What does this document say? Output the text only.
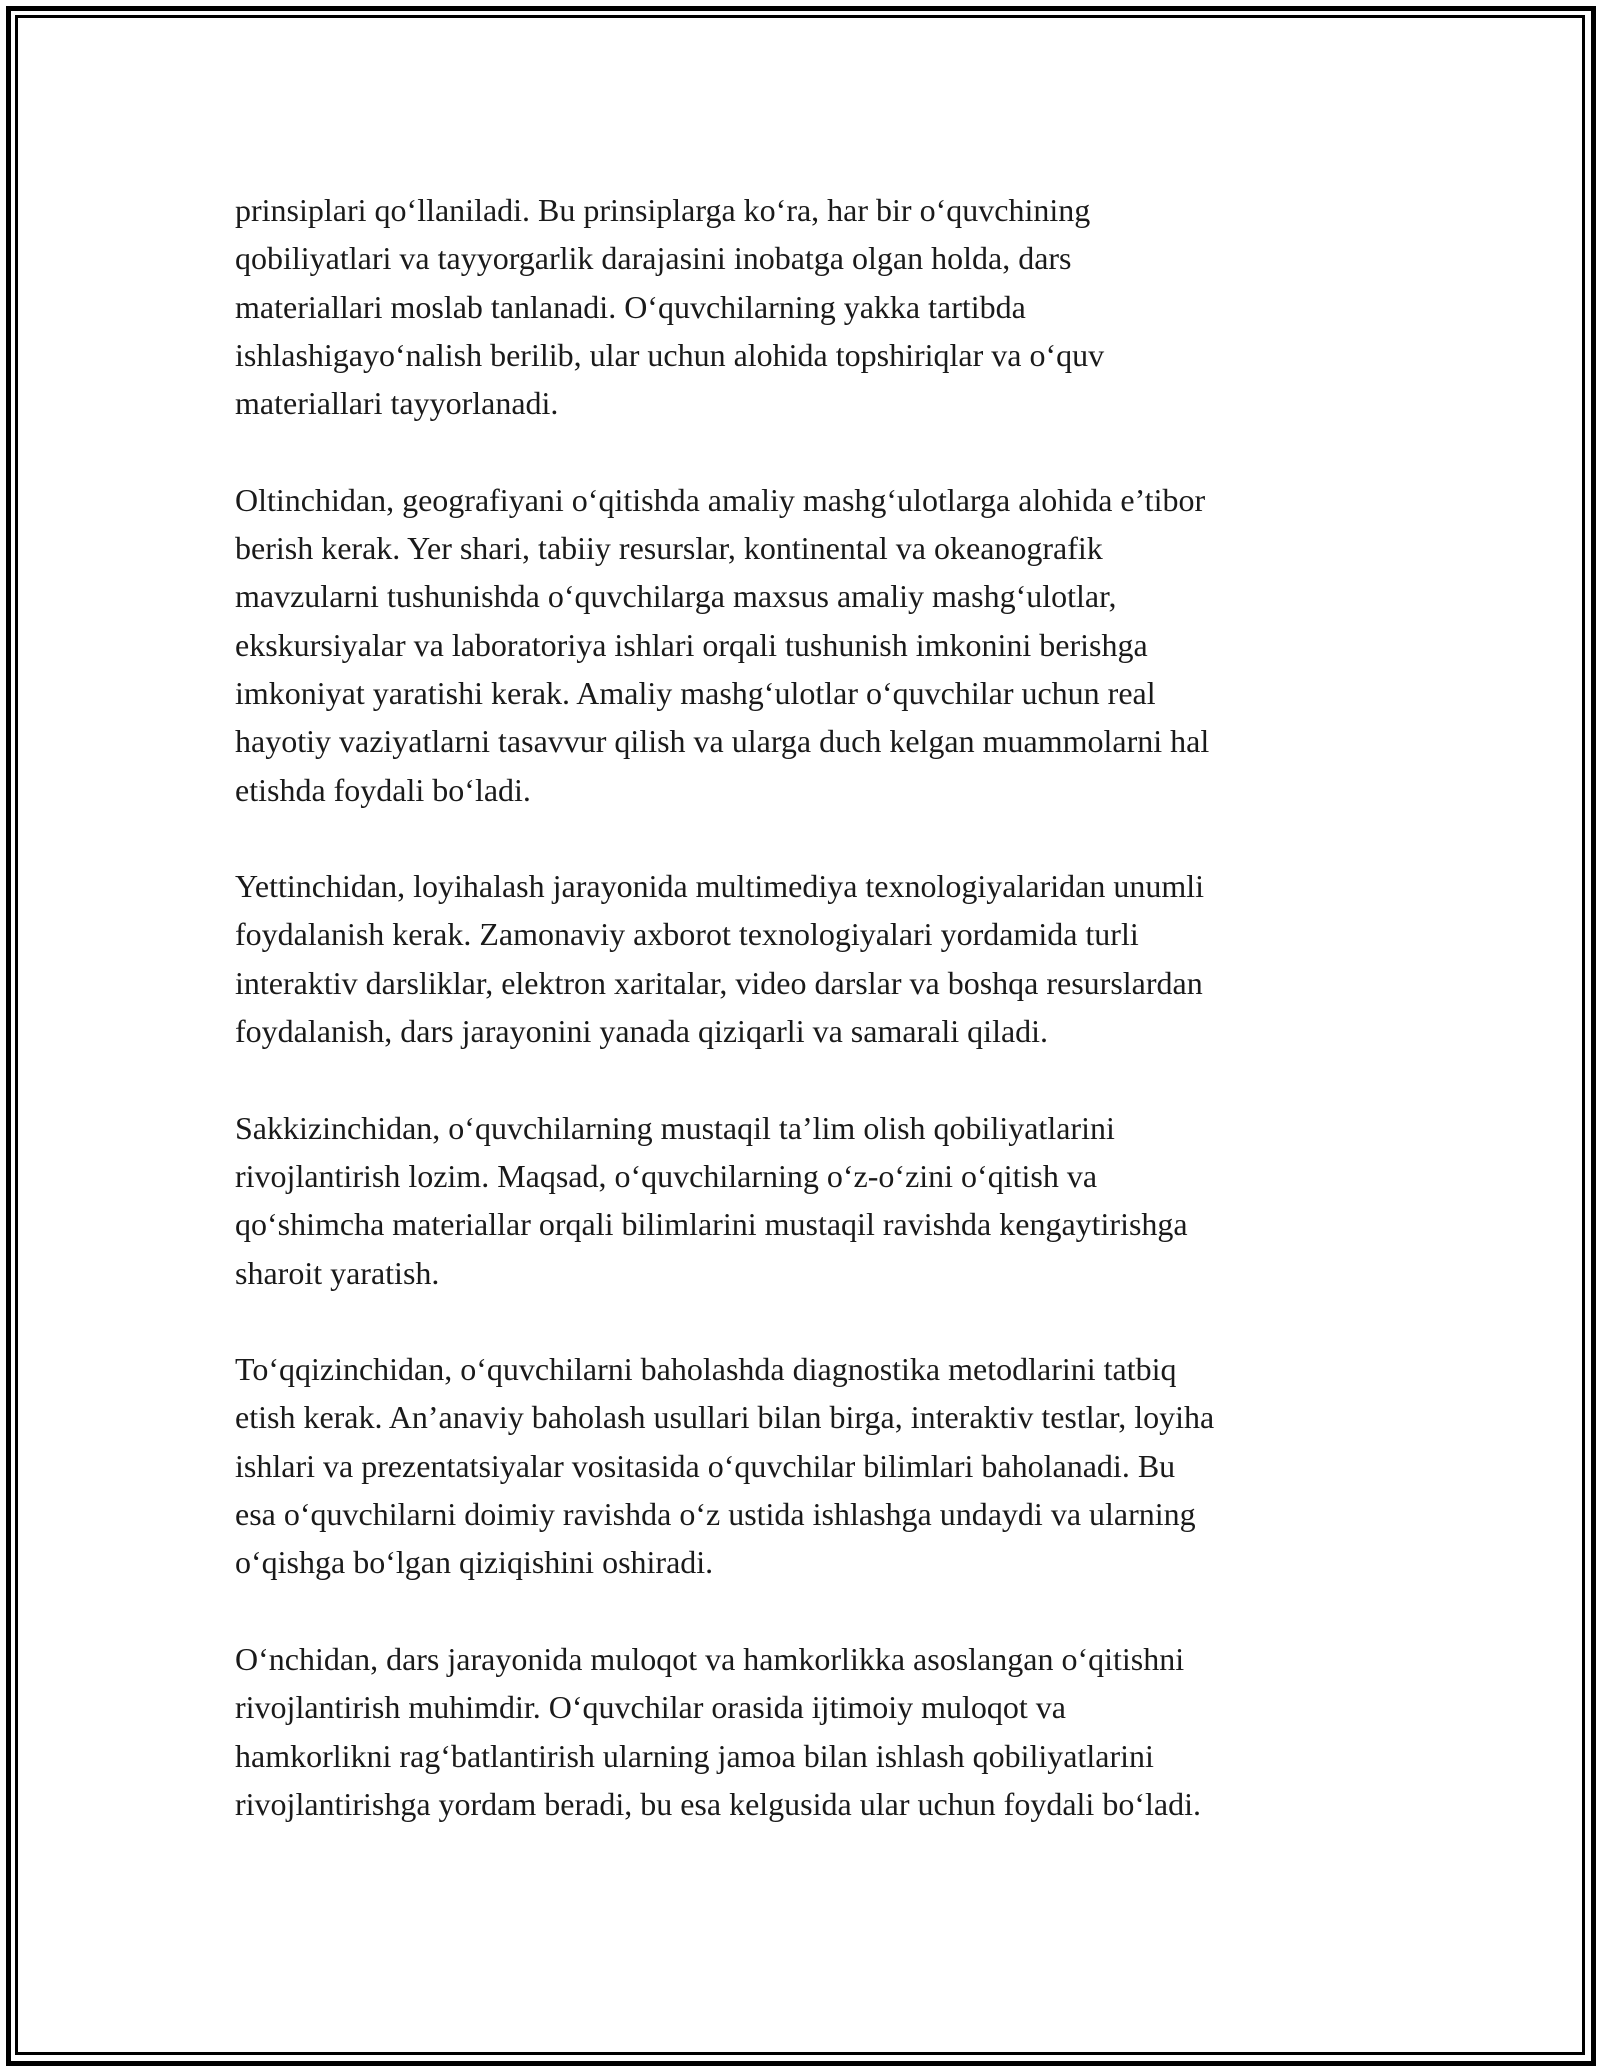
prinsiplari qo‘llaniladi. Bu prinsiplarga ko‘ra, har bir o‘quvchining
qobiliyatlari va tayyorgarlik darajasini inobatga olgan holda, dars
materiallari moslab tanlanadi. O‘quvchilarning yakka tartibda
ishlashigayo‘nalish berilib, ular uchun alohida topshiriqlar va o‘quv
materiallari tayyorlanadi.

Oltinchidan, geografiyani o‘qitishda amaliy mashg‘ulotlarga alohida e’tibor
berish kerak. Yer shari, tabiiy resurslar, kontinental va okeanografik
mavzularni tushunishda o‘quvchilarga maxsus amaliy mashg‘ulotlar,
ekskursiyalar va laboratoriya ishlari orqali tushunish imkonini berishga
imkoniyat yaratishi kerak. Amaliy mashg‘ulotlar o‘quvchilar uchun real
hayotiy vaziyatlarni tasavvur qilish va ularga duch kelgan muammolarni hal
etishda foydali bo‘ladi.

Yettinchidan, loyihalash jarayonida multimediya texnologiyalaridan unumli
foydalanish kerak. Zamonaviy axborot texnologiyalari yordamida turli
interaktiv darsliklar, elektron xaritalar, video darslar va boshqa resurslardan
foydalanish, dars jarayonini yanada qiziqarli va samarali qiladi.

Sakkizinchidan, o‘quvchilarning mustaqil ta’lim olish qobiliyatlarini
rivojlantirish lozim. Maqsad, o‘quvchilarning o‘z-o‘zini o‘qitish va
qo‘shimcha materiallar orqali bilimlarini mustaqil ravishda kengaytirishga
sharoit yaratish.

To‘qqizinchidan, o‘quvchilarni baholashda diagnostika metodlarini tatbiq
etish kerak. An’anaviy baholash usullari bilan birga, interaktiv testlar, loyiha
ishlari va prezentatsiyalar vositasida o‘quvchilar bilimlari baholanadi. Bu
esa o‘quvchilarni doimiy ravishda o‘z ustida ishlashga undaydi va ularning
o‘qishga bo‘lgan qiziqishini oshiradi.

O‘nchidan, dars jarayonida muloqot va hamkorlikka asoslangan o‘qitishni
rivojlantirish muhimdir. O‘quvchilar orasida ijtimoiy muloqot va
hamkorlikni rag‘batlantirish ularning jamoa bilan ishlash qobiliyatlarini
rivojlantirishga yordam beradi, bu esa kelgusida ular uchun foydali bo‘ladi.
